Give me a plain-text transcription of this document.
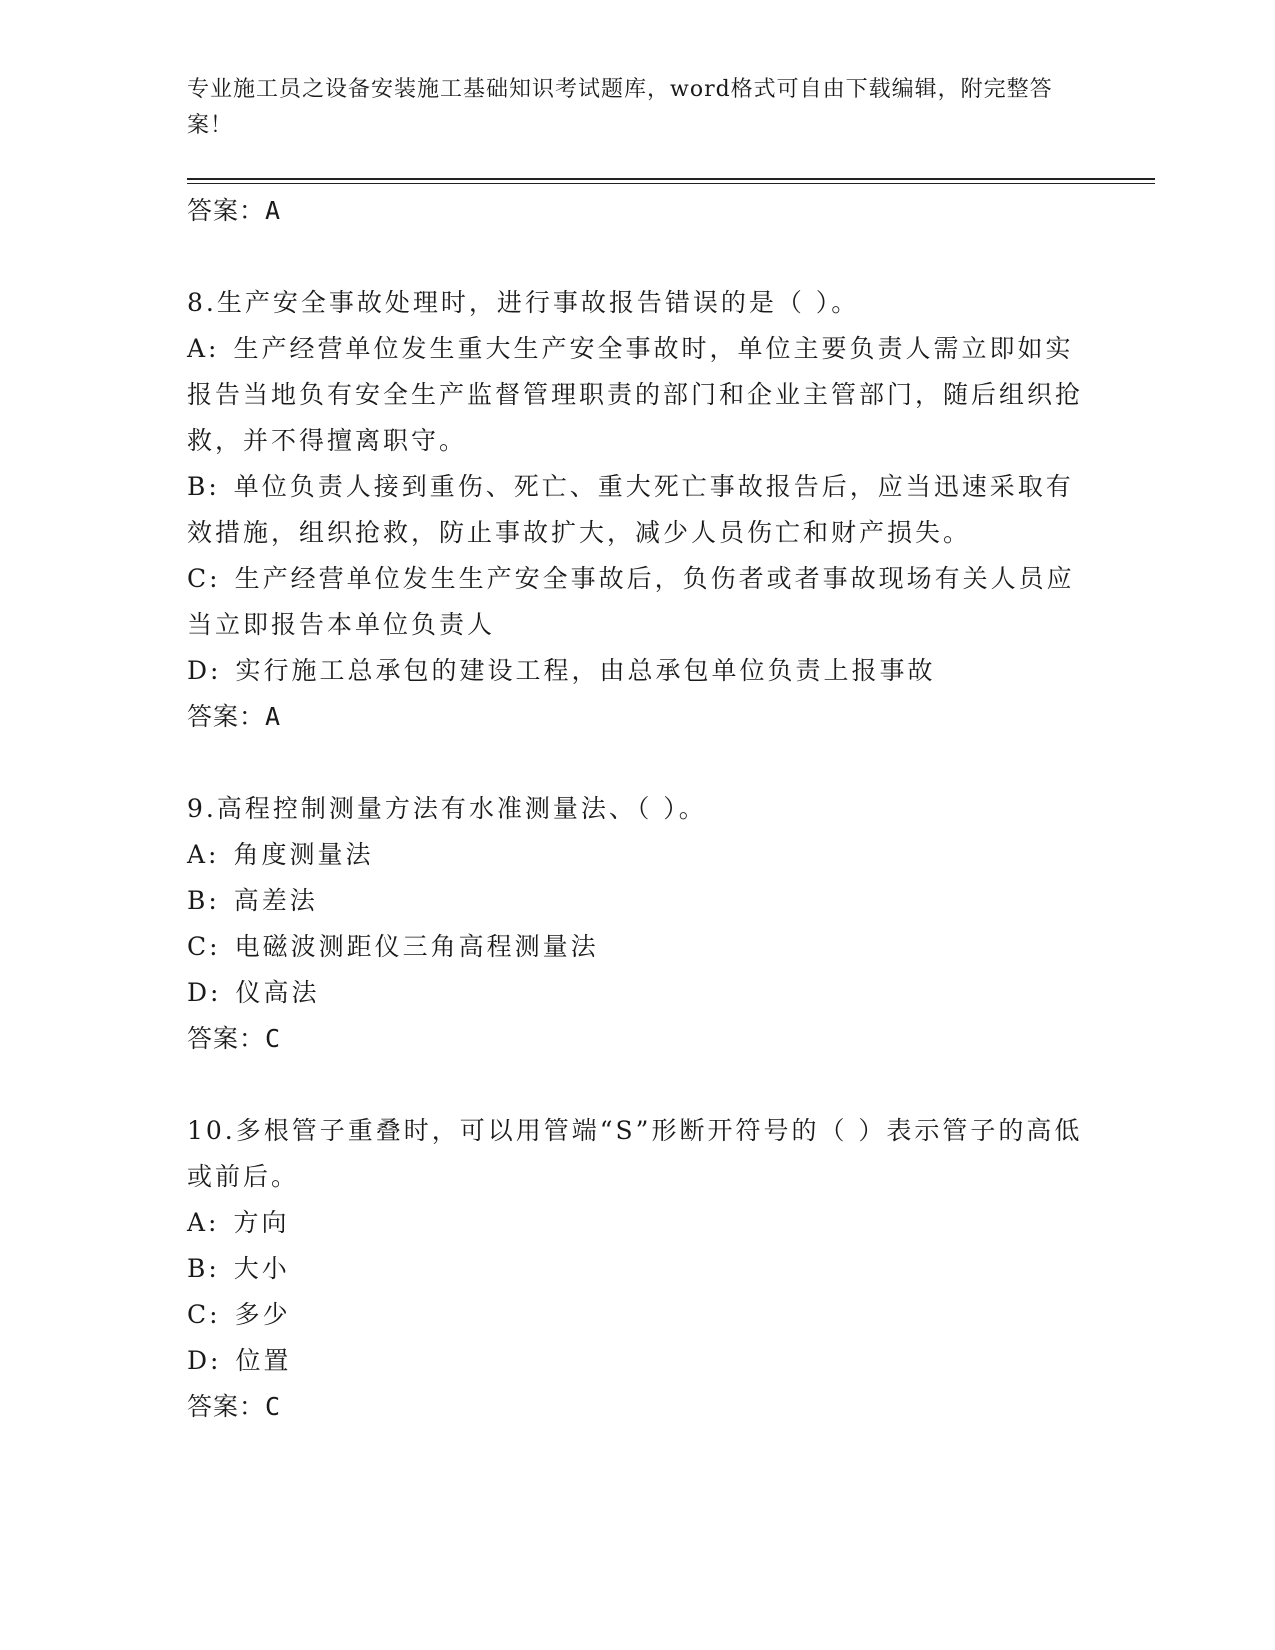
专业施工员之设备安装施工基础知识考试题库，word格式可自由下载编辑，附完整答案！
答案：A
8.生产安全事故处理时，进行事故报告错误的是（ ）。
A: 生产经营单位发生重大生产安全事故时，单位主要负责人需立即如实报告当地负有安全生产监督管理职责的部门和企业主管部门，随后组织抢救，并不得擅离职守。
B: 单位负责人接到重伤、死亡、重大死亡事故报告后，应当迅速采取有效措施，组织抢救，防止事故扩大，减少人员伤亡和财产损失。
C: 生产经营单位发生生产安全事故后，负伤者或者事故现场有关人员应当立即报告本单位负责人
D: 实行施工总承包的建设工程，由总承包单位负责上报事故
答案：A
9.高程控制测量方法有水准测量法、（ ）。
A: 角度测量法
B: 高差法
C: 电磁波测距仪三角高程测量法
D: 仪高法
答案：C
10.多根管子重叠时，可以用管端“S”形断开符号的（ ）表示管子的高低或前后。
A: 方向
B: 大小
C: 多少
D: 位置
答案：C
